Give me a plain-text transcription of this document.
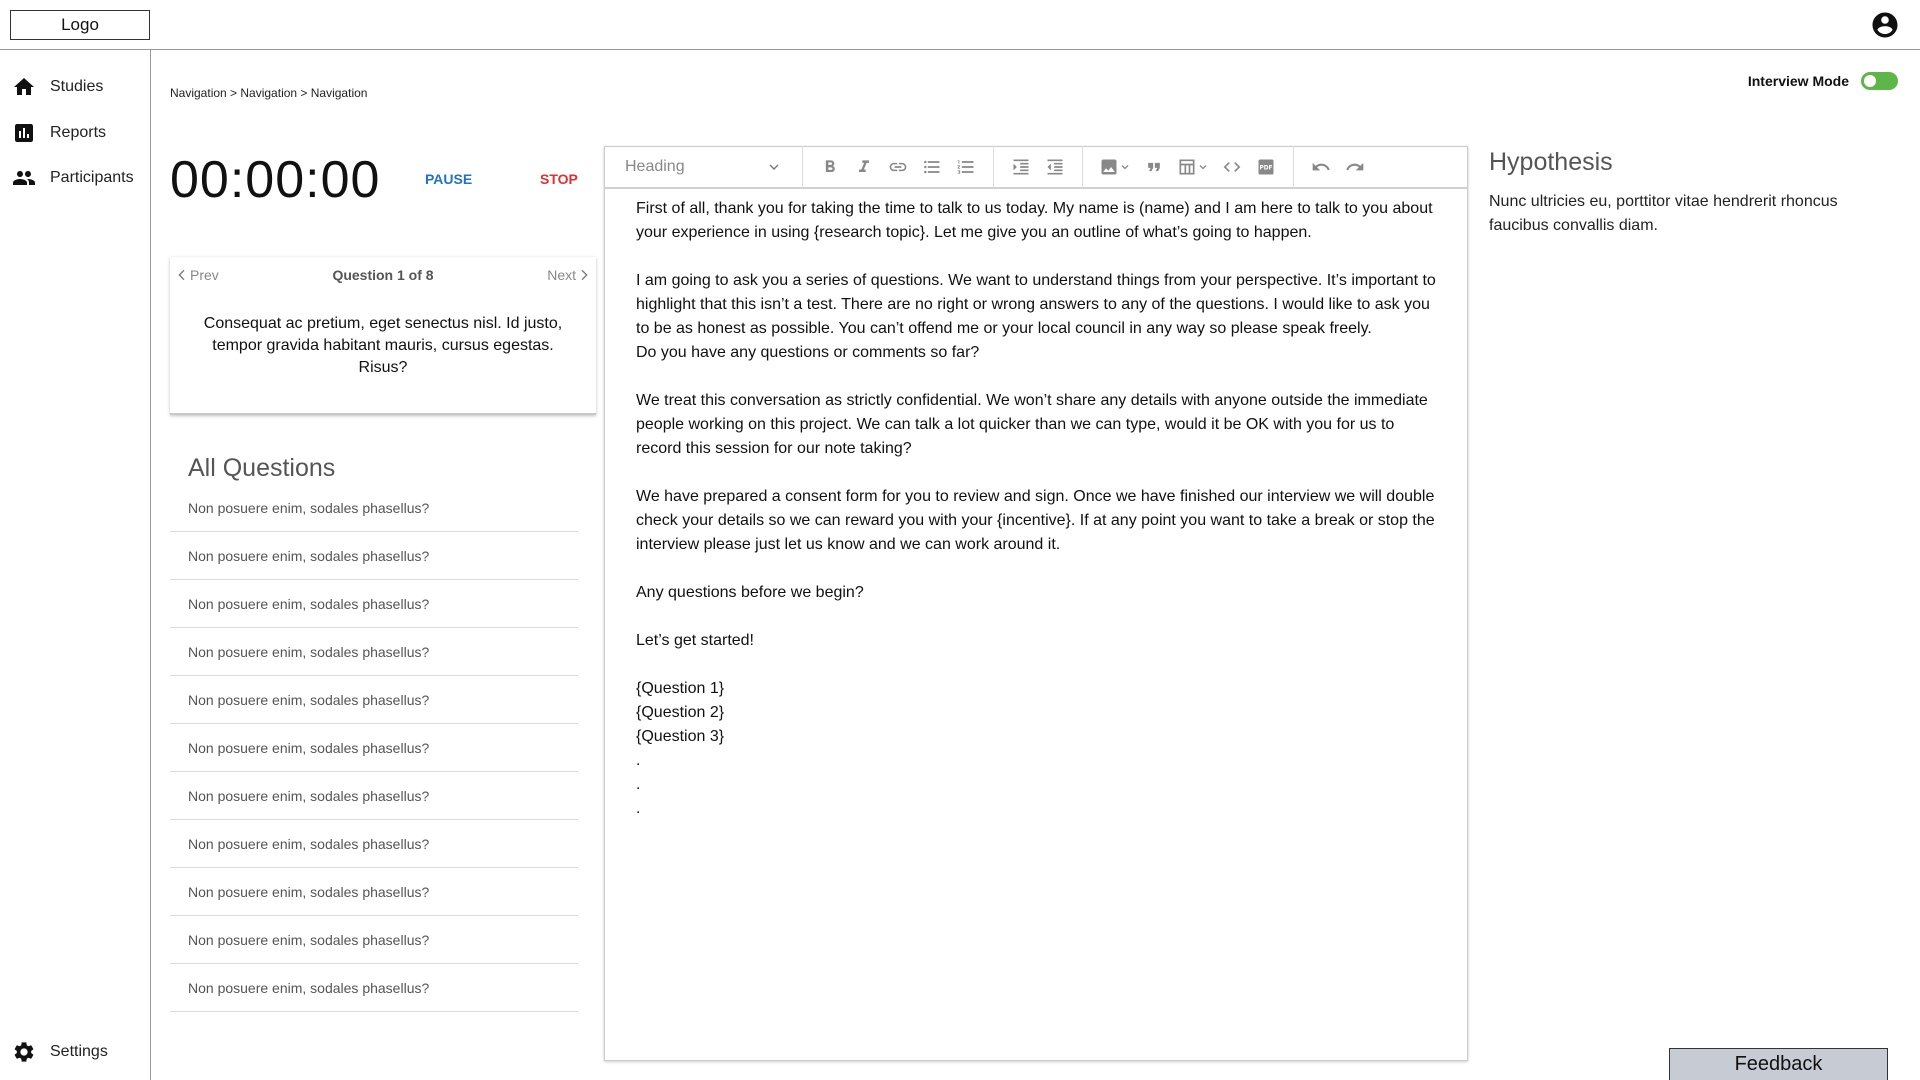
Logo
Studies
Reports
Participants
Settings
Navigation > Navigation > Navigation
Interview Mode
00:00:00	PAUSE	STOP
Prev	Question 1 of 8	Next
Consequat ac pretium, eget senectus nisl. Id justo, tempor gravida habitant mauris, cursus egestas. Risus?
All Questions
Non posuere enim, sodales phasellus?
Non posuere enim, sodales phasellus?
Non posuere enim, sodales phasellus?
Non posuere enim, sodales phasellus?
Non posuere enim, sodales phasellus?
Non posuere enim, sodales phasellus?
Non posuere enim, sodales phasellus?
Non posuere enim, sodales phasellus?
Non posuere enim, sodales phasellus?
Non posuere enim, sodales phasellus?
Non posuere enim, sodales phasellus?
Heading	PDF

First of all, thank you for taking the time to talk to us today. My name is (name) and I am here to talk to you about your experience in using {research topic}. Let me give you an outline of what’s going to happen.

I am going to ask you a series of questions. We want to understand things from your perspective. It’s important to highlight that this isn’t a test. There are no right or wrong answers to any of the questions. I would like to ask you to be as honest as possible. You can’t offend me or your local council in any way so please speak freely.

Do you have any questions or comments so far?

We treat this conversation as strictly confidential. We won’t share any details with anyone outside the immediate people working on this project. We can talk a lot quicker than we can type, would it be OK with you for us to record this session for our note taking?

We have prepared a consent form for you to review and sign. Once we have finished our interview we will double check your details so we can reward you with your {incentive}. If at any point you want to take a break or stop the interview please just let us know and we can work around it.

Any questions before we begin?

Let’s get started!

{Question 1}

{Question 2}

{Question 3}

.

.

.

Hypothesis
Nunc ultricies eu, porttitor vitae hendrerit rhoncus faucibus convallis diam.
Feedback
